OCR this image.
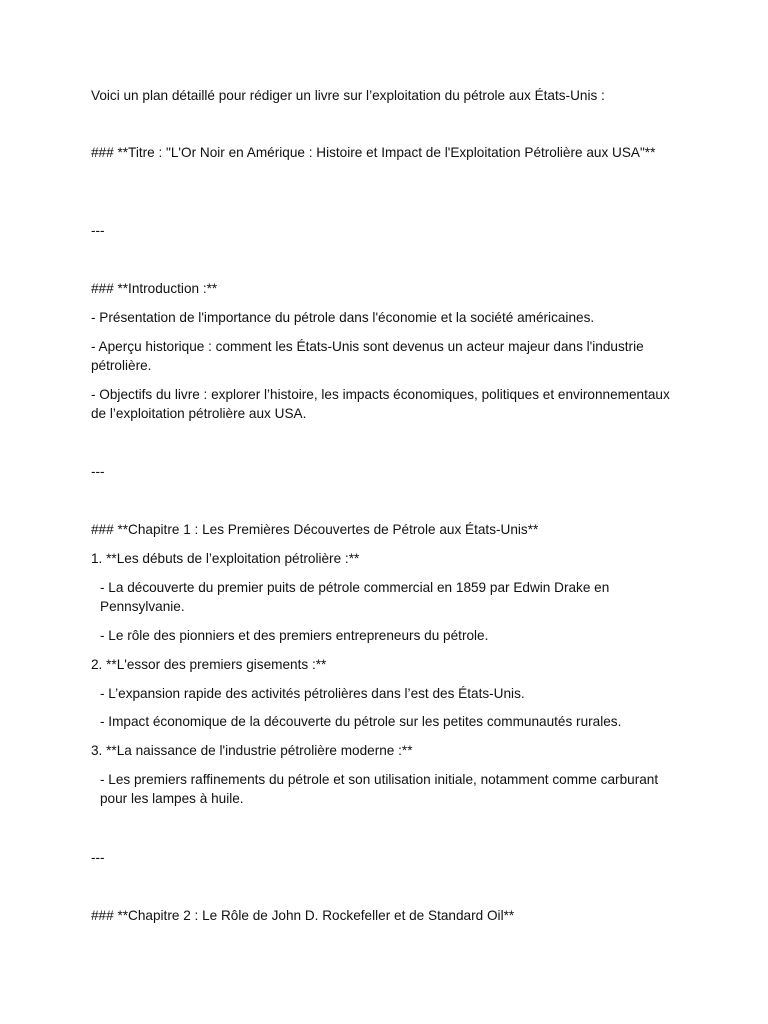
Voici un plan détaillé pour rédiger un livre sur l’exploitation du pétrole aux États-Unis :
### **Titre : "L'Or Noir en Amérique : Histoire et Impact de l'Exploitation Pétrolière aux USA"**
---
### **Introduction :**
- Présentation de l'importance du pétrole dans l'économie et la société américaines.
- Aperçu historique : comment les États-Unis sont devenus un acteur majeur dans l'industrie pétrolière.
- Objectifs du livre : explorer l’histoire, les impacts économiques, politiques et environnementaux de l’exploitation pétrolière aux USA.
---
### **Chapitre 1 : Les Premières Découvertes de Pétrole aux États-Unis**
1. **Les débuts de l’exploitation pétrolière :**
- La découverte du premier puits de pétrole commercial en 1859 par Edwin Drake en Pennsylvanie.
- Le rôle des pionniers et des premiers entrepreneurs du pétrole.
2. **L'essor des premiers gisements :**
- L’expansion rapide des activités pétrolières dans l’est des États-Unis.
- Impact économique de la découverte du pétrole sur les petites communautés rurales.
3. **La naissance de l'industrie pétrolière moderne :**
- Les premiers raffinements du pétrole et son utilisation initiale, notamment comme carburant pour les lampes à huile.
---
### **Chapitre 2 : Le Rôle de John D. Rockefeller et de Standard Oil**
